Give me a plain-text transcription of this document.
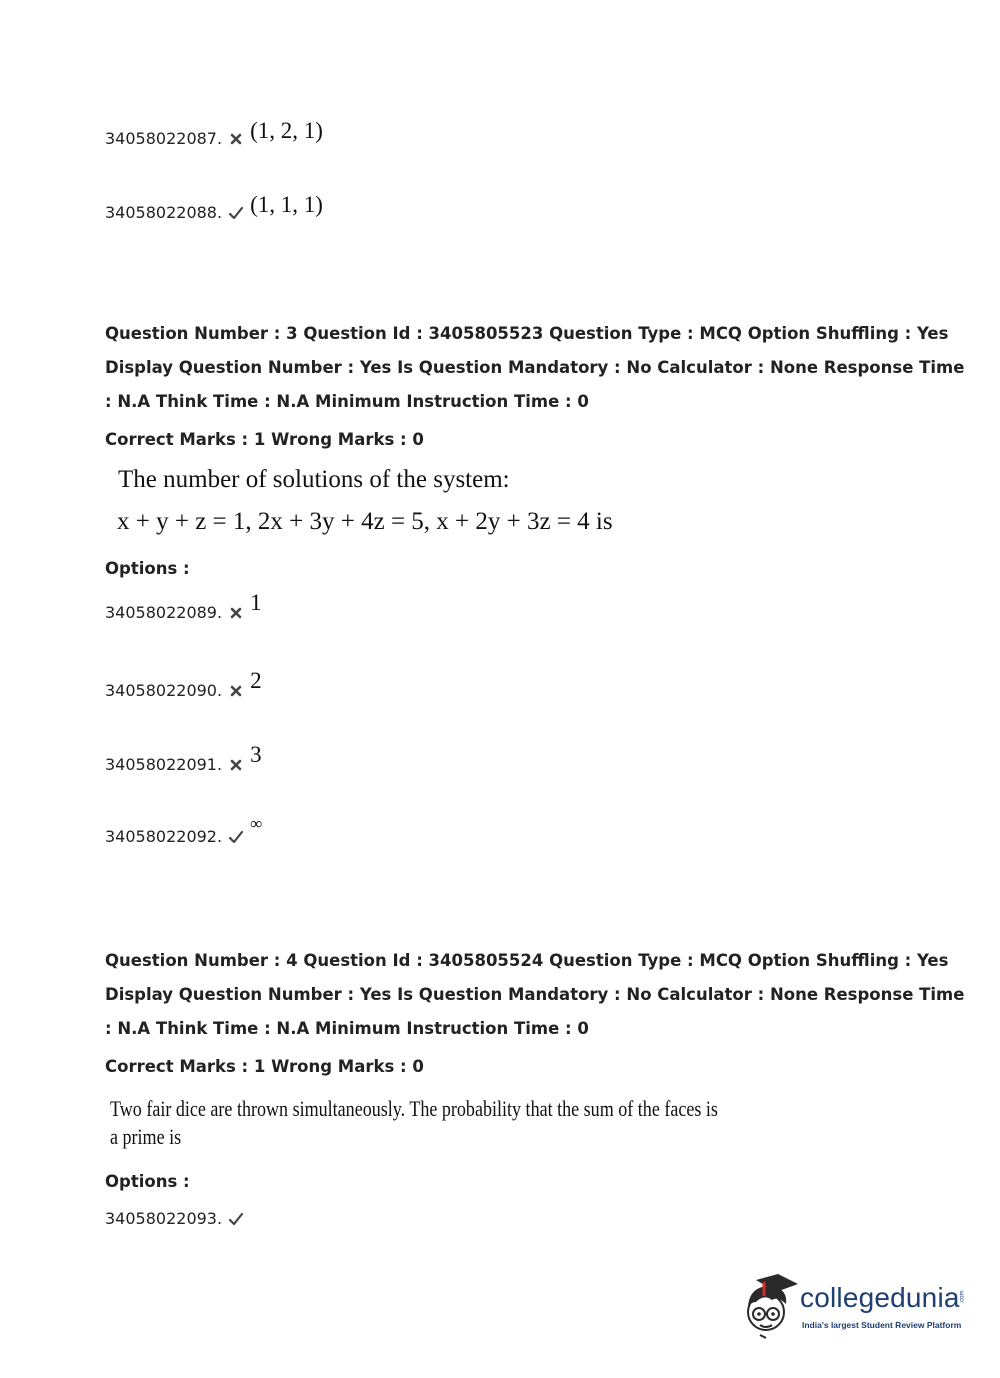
34058022087. (1, 2, 1)
34058022088. (1, 1, 1)
Question Number : 3 Question Id : 3405805523 Question Type : MCQ Option Shuffling : Yes
Display Question Number : Yes Is Question Mandatory : No Calculator : None Response Time
: N.A Think Time : N.A Minimum Instruction Time : 0
Correct Marks : 1 Wrong Marks : 0
The number of solutions of the system:
x + y + z = 1, 2x + 3y + 4z = 5, x + 2y + 3z = 4 is
Options :
34058022089. 1
34058022090. 2
34058022091. 3
34058022092.
∞
Question Number : 4 Question Id : 3405805524 Question Type : MCQ Option Shuffling : Yes
Display Question Number : Yes Is Question Mandatory : No Calculator : None Response Time
: N.A Think Time : N.A Minimum Instruction Time : 0
Correct Marks : 1 Wrong Marks : 0
Two fair dice are thrown simultaneously. The probability that the sum of the faces is
a prime is
Options :
34058022093.
collegedunia .com
India's largest Student Review Platform
